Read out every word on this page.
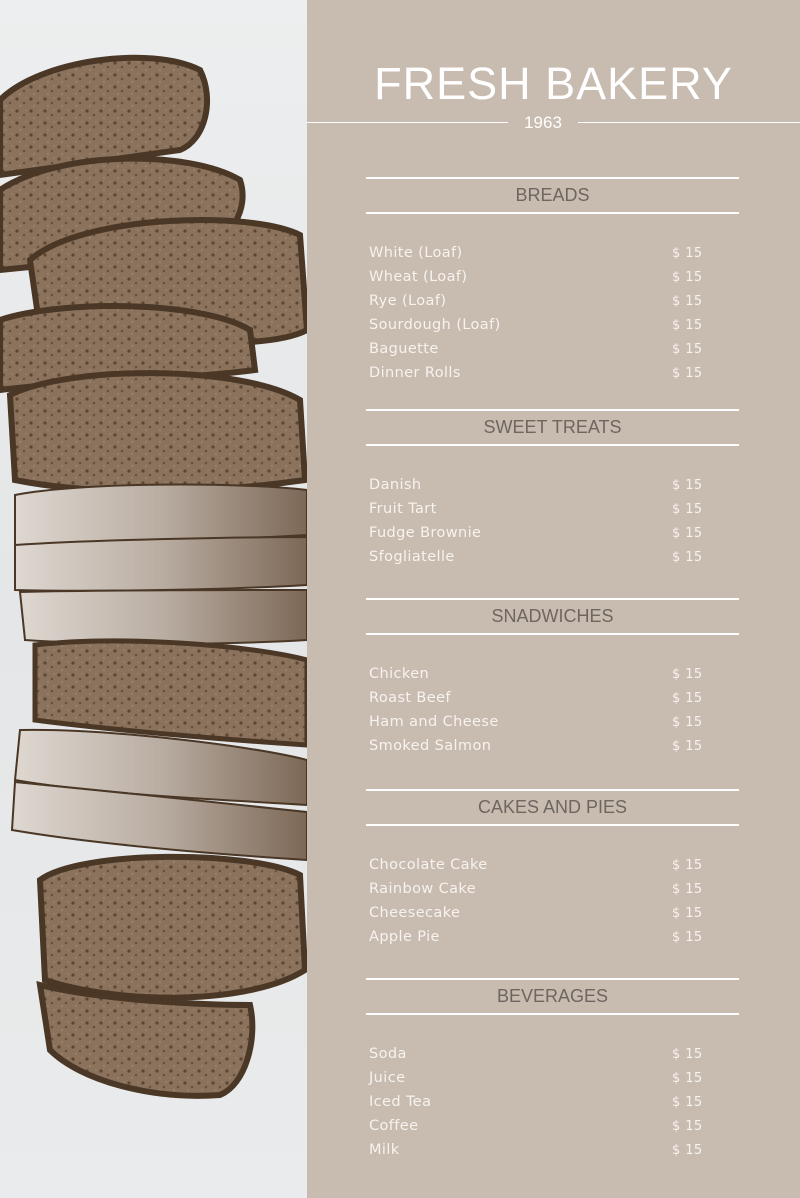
FRESH BAKERY
1963
BREADS
White (Loaf)	$ 15
Wheat (Loaf)	$ 15
Rye (Loaf)	$ 15
Sourdough (Loaf)	$ 15
Baguette	$ 15
Dinner Rolls	$ 15
SWEET TREATS
Danish	$ 15
Fruit Tart	$ 15
Fudge Brownie	$ 15
Sfogliatelle	$ 15
SNADWICHES
Chicken	$ 15
Roast Beef	$ 15
Ham and Cheese	$ 15
Smoked Salmon	$ 15
CAKES AND PIES
Chocolate Cake	$ 15
Rainbow Cake	$ 15
Cheesecake	$ 15
Apple Pie	$ 15
BEVERAGES
Soda	$ 15
Juice	$ 15
Iced Tea	$ 15
Coffee	$ 15
Milk	$ 15
